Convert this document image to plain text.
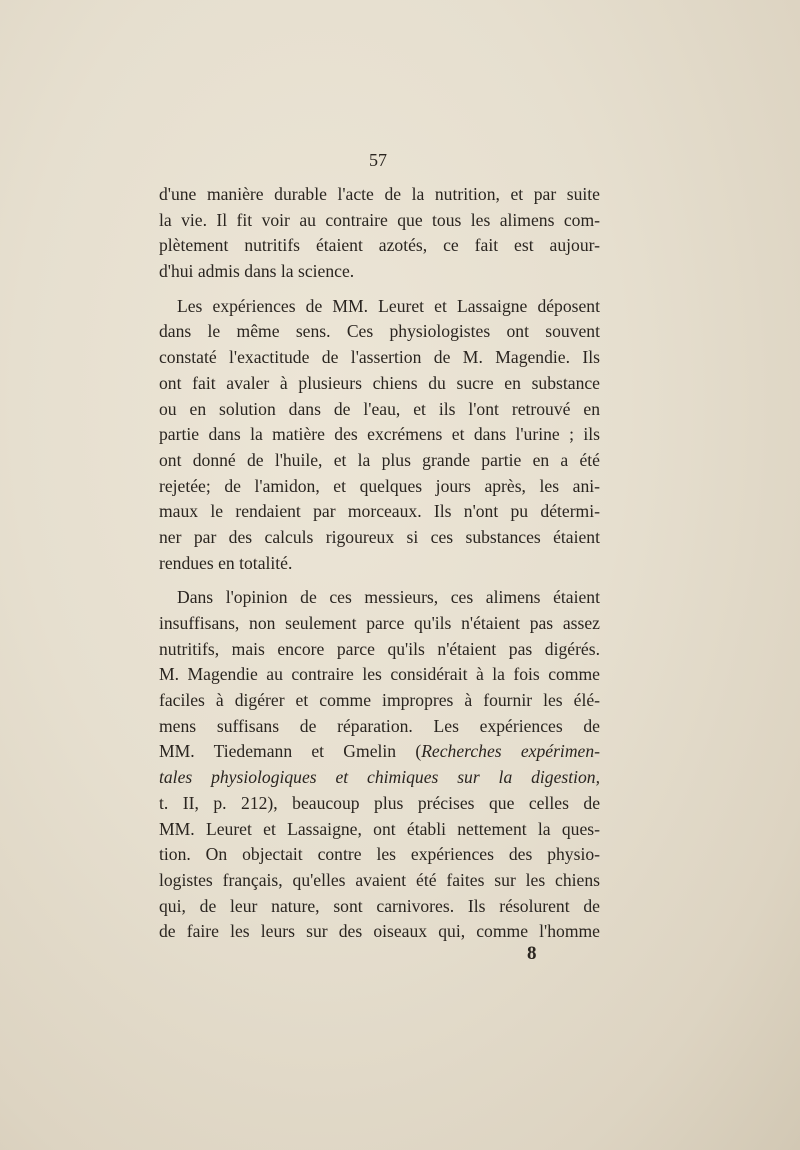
57

d'une manière durable l'acte de la nutrition, et par suite
la vie. Il fit voir au contraire que tous les alimens com-
plètement nutritifs étaient azotés, ce fait est aujour-
d'hui admis dans la science.

Les expériences de MM. Leuret et Lassaigne déposent
dans le même sens. Ces physiologistes ont souvent
constaté l'exactitude de l'assertion de M. Magendie. Ils
ont fait avaler à plusieurs chiens du sucre en substance
ou en solution dans de l'eau, et ils l'ont retrouvé en
partie dans la matière des excrémens et dans l'urine ; ils
ont donné de l'huile, et la plus grande partie en a été
rejetée; de l'amidon, et quelques jours après, les ani-
maux le rendaient par morceaux. Ils n'ont pu détermi-
ner par des calculs rigoureux si ces substances étaient
rendues en totalité.

Dans l'opinion de ces messieurs, ces alimens étaient
insuffisans, non seulement parce qu'ils n'étaient pas assez
nutritifs, mais encore parce qu'ils n'étaient pas digérés.
M. Magendie au contraire les considérait à la fois comme
faciles à digérer et comme impropres à fournir les élé-
mens suffisans de réparation. Les expériences de
MM. Tiedemann et Gmelin (Recherches expérimen-
tales physiologiques et chimiques sur la digestion,
t. II, p. 212), beaucoup plus précises que celles de
MM. Leuret et Lassaigne, ont établi nettement la ques-
tion. On objectait contre les expériences des physio-
logistes français, qu'elles avaient été faites sur les chiens
qui, de leur nature, sont carnivores. Ils résolurent de
de faire les leurs sur des oiseaux qui, comme l'homme

8
